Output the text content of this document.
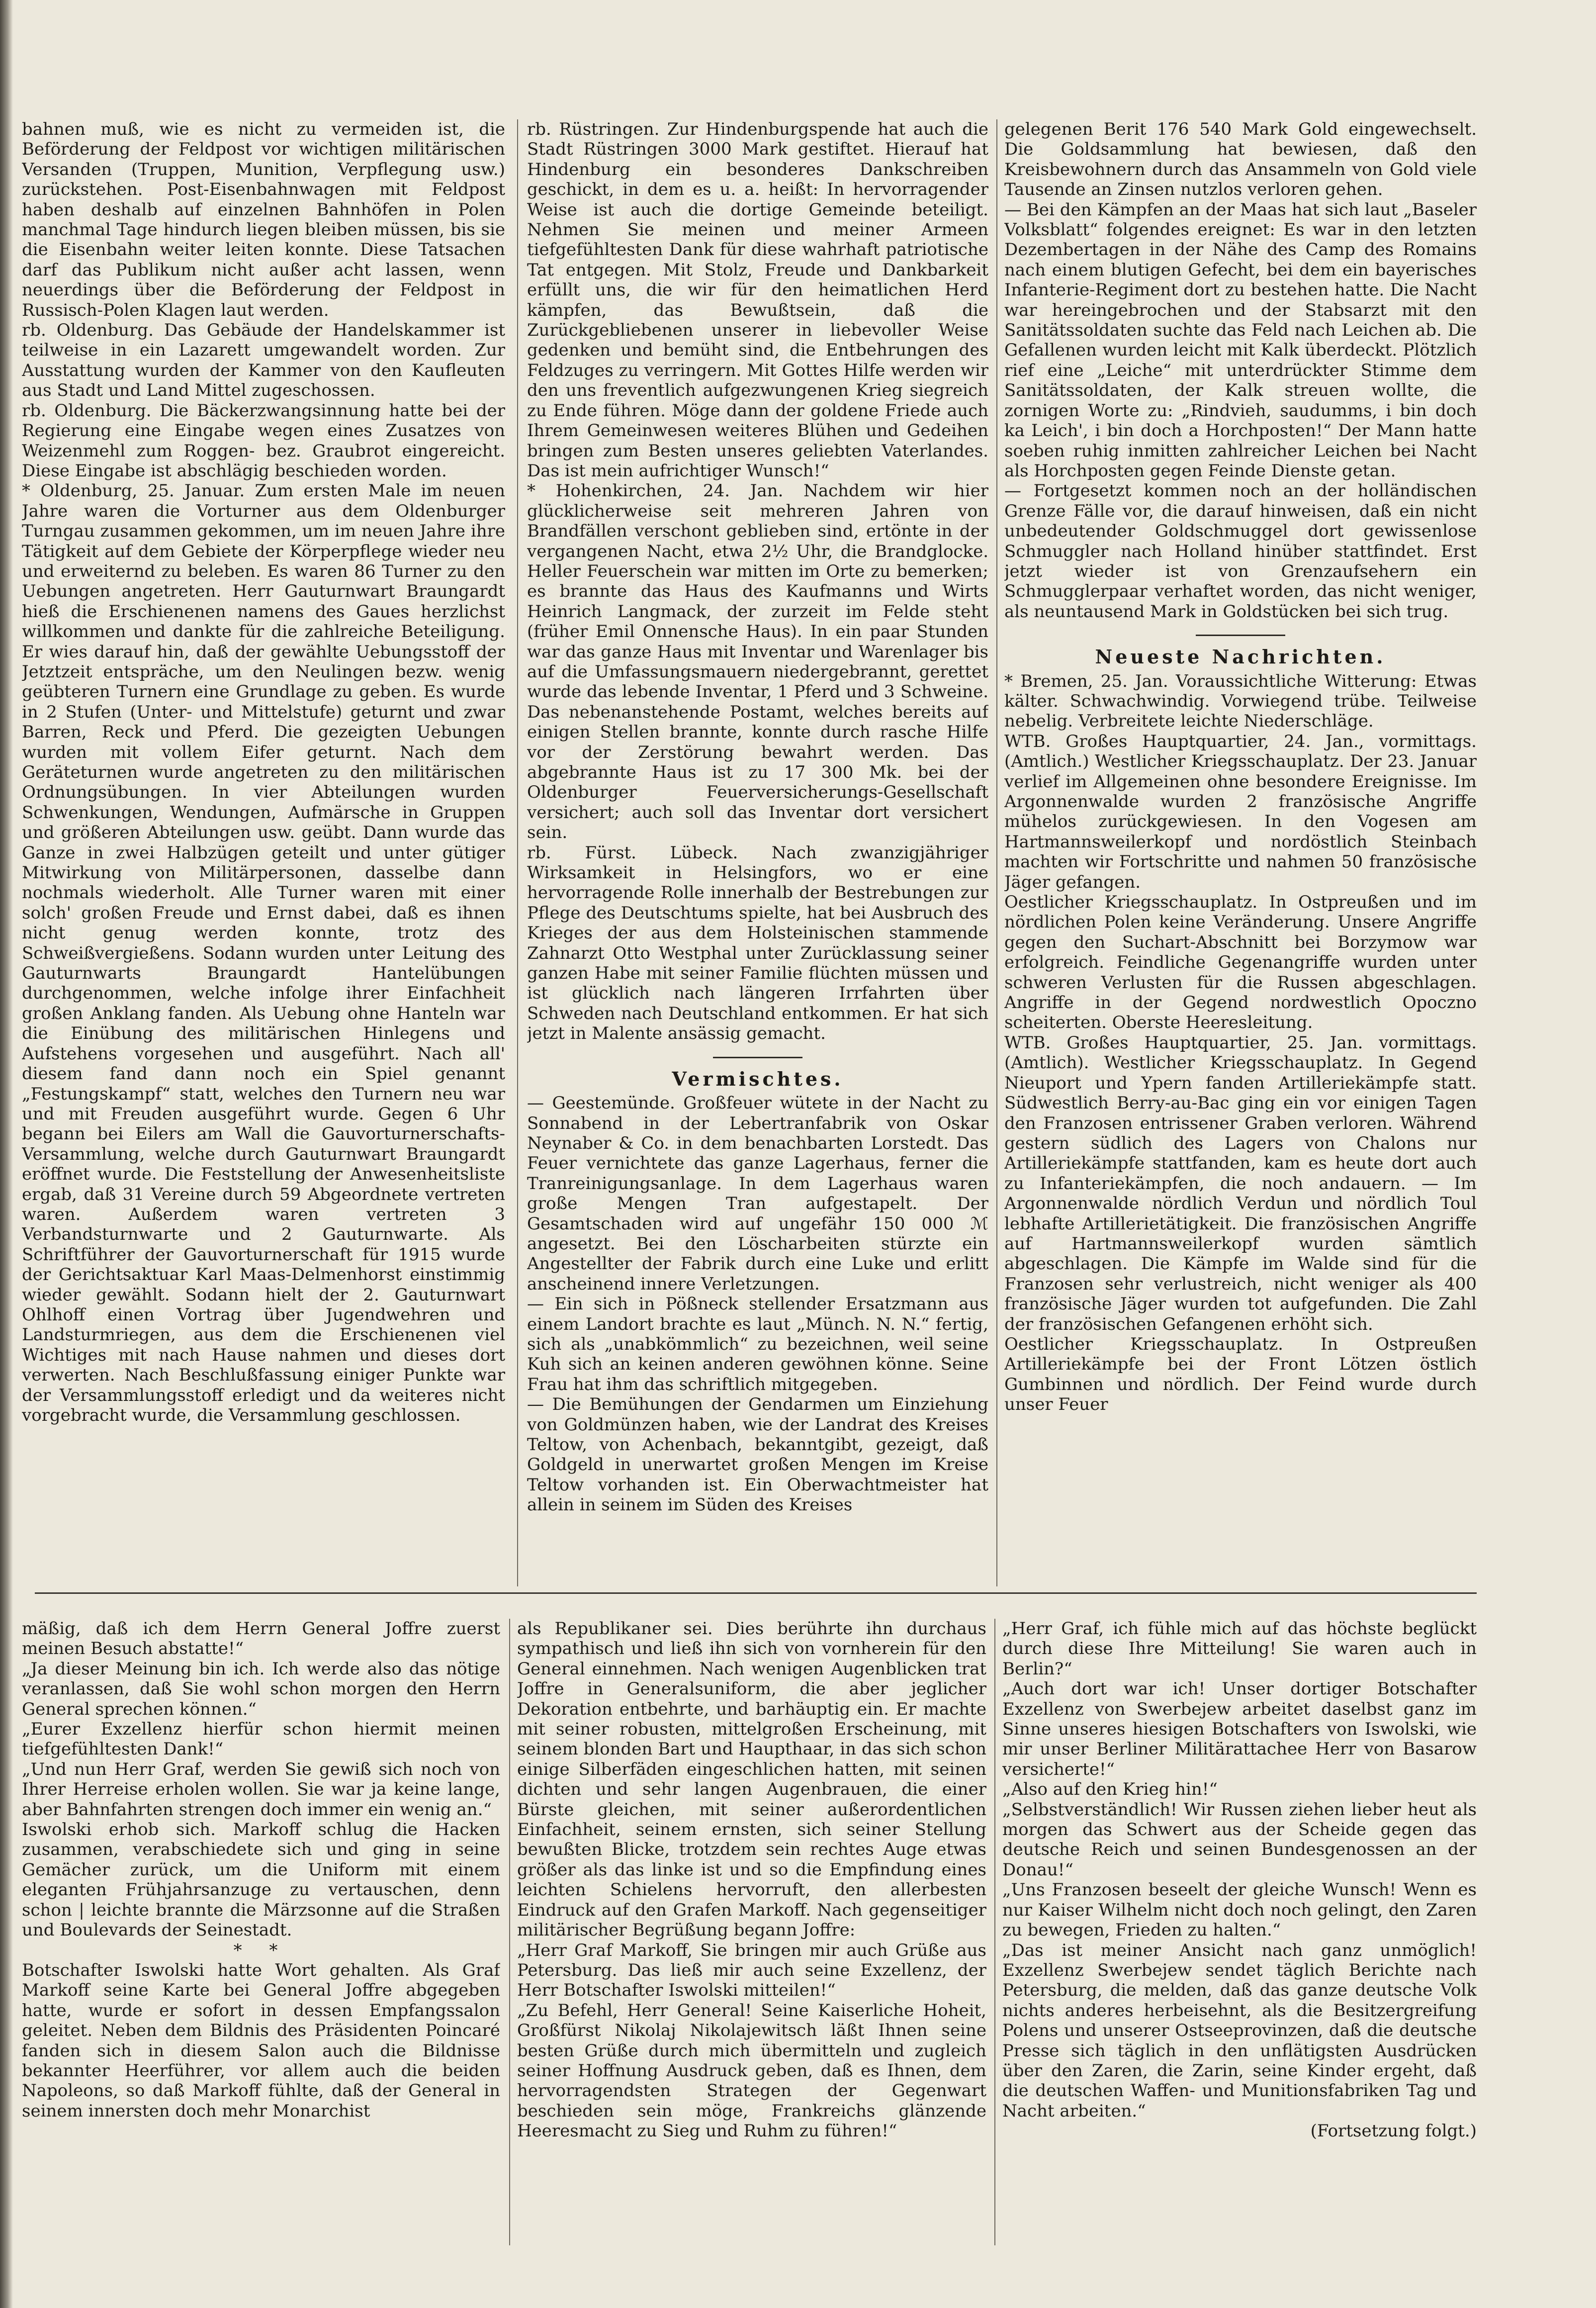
bahnen muß, wie es nicht zu vermeiden ist, die Beförderung der Feldpost vor wichtigen militärischen Versanden (Truppen, Munition, Verpflegung usw.) zurückstehen. Post-Eisenbahnwagen mit Feldpost haben deshalb auf einzelnen Bahnhöfen in Polen manchmal Tage hindurch liegen bleiben müssen, bis sie die Eisenbahn weiter leiten konnte. Diese Tatsachen darf das Publikum nicht außer acht lassen, wenn neuerdings über die Beförderung der Feldpost in Russisch-Polen Klagen laut werden.

rb. Oldenburg. Das Gebäude der Handelskammer ist teilweise in ein Lazarett umgewandelt worden. Zur Ausstattung wurden der Kammer von den Kaufleuten aus Stadt und Land Mittel zugeschossen.

rb. Oldenburg. Die Bäckerzwangsinnung hatte bei der Regierung eine Eingabe wegen eines Zusatzes von Weizenmehl zum Roggen- bez. Graubrot eingereicht. Diese Eingabe ist abschlägig beschieden worden.

* Oldenburg, 25. Januar. Zum ersten Male im neuen Jahre waren die Vorturner aus dem Oldenburger Turngau zusammen gekommen, um im neuen Jahre ihre Tätigkeit auf dem Gebiete der Körperpflege wieder neu und erweiternd zu beleben. Es waren 86 Turner zu den Uebungen angetreten. Herr Gauturnwart Braungardt hieß die Erschienenen namens des Gaues herzlichst willkommen und dankte für die zahlreiche Beteiligung. Er wies darauf hin, daß der gewählte Uebungsstoff der Jetztzeit entspräche, um den Neulingen bezw. wenig geübteren Turnern eine Grundlage zu geben. Es wurde in 2 Stufen (Unter- und Mittelstufe) geturnt und zwar Barren, Reck und Pferd. Die gezeigten Uebungen wurden mit vollem Eifer geturnt. Nach dem Geräteturnen wurde angetreten zu den militärischen Ordnungsübungen. In vier Abteilungen wurden Schwenkungen, Wendungen, Aufmärsche in Gruppen und größeren Abteilungen usw. geübt. Dann wurde das Ganze in zwei Halbzügen geteilt und unter gütiger Mitwirkung von Militärpersonen, dasselbe dann nochmals wiederholt. Alle Turner waren mit einer solch' großen Freude und Ernst dabei, daß es ihnen nicht genug werden konnte, trotz des Schweißvergießens. Sodann wurden unter Leitung des Gauturnwarts Braungardt Hantelübungen durchgenommen, welche infolge ihrer Einfachheit großen Anklang fanden. Als Uebung ohne Hanteln war die Einübung des militärischen Hinlegens und Aufstehens vorgesehen und ausgeführt. Nach all' diesem fand dann noch ein Spiel genannt „Festungskampf“ statt, welches den Turnern neu war und mit Freuden ausgeführt wurde. Gegen 6 Uhr begann bei Eilers am Wall die Gauvorturnerschafts-Versammlung, welche durch Gauturnwart Braungardt eröffnet wurde. Die Feststellung der Anwesenheitsliste ergab, daß 31 Vereine durch 59 Abgeordnete vertreten waren. Außerdem waren vertreten 3 Verbandsturnwarte und 2 Gauturnwarte. Als Schriftführer der Gauvorturnerschaft für 1915 wurde der Gerichtsaktuar Karl Maas-Delmenhorst einstimmig wieder gewählt. Sodann hielt der 2. Gauturnwart Ohlhoff einen Vortrag über Jugendwehren und Landsturmriegen, aus dem die Erschienenen viel Wichtiges mit nach Hause nahmen und dieses dort verwerten. Nach Beschlußfassung einiger Punkte war der Versammlungsstoff erledigt und da weiteres nicht vorgebracht wurde, die Versammlung geschlossen.

rb. Rüstringen. Zur Hindenburgspende hat auch die Stadt Rüstringen 3000 Mark gestiftet. Hierauf hat Hindenburg ein besonderes Dankschreiben geschickt, in dem es u. a. heißt: In hervorragender Weise ist auch die dortige Gemeinde beteiligt. Nehmen Sie meinen und meiner Armeen tiefgefühltesten Dank für diese wahrhaft patriotische Tat entgegen. Mit Stolz, Freude und Dankbarkeit erfüllt uns, die wir für den heimatlichen Herd kämpfen, das Bewußtsein, daß die Zurückgebliebenen unserer in liebevoller Weise gedenken und bemüht sind, die Entbehrungen des Feldzuges zu verringern. Mit Gottes Hilfe werden wir den uns freventlich aufgezwungenen Krieg siegreich zu Ende führen. Möge dann der goldene Friede auch Ihrem Gemeinwesen weiteres Blühen und Gedeihen bringen zum Besten unseres geliebten Vaterlandes. Das ist mein aufrichtiger Wunsch!“

* Hohenkirchen, 24. Jan. Nachdem wir hier glücklicherweise seit mehreren Jahren von Brandfällen verschont geblieben sind, ertönte in der vergangenen Nacht, etwa 2½ Uhr, die Brandglocke. Heller Feuerschein war mitten im Orte zu bemerken; es brannte das Haus des Kaufmanns und Wirts Heinrich Langmack, der zurzeit im Felde steht (früher Emil Onnensche Haus). In ein paar Stunden war das ganze Haus mit Inventar und Warenlager bis auf die Umfassungsmauern niedergebrannt, gerettet wurde das lebende Inventar, 1 Pferd und 3 Schweine. Das nebenanstehende Postamt, welches bereits auf einigen Stellen brannte, konnte durch rasche Hilfe vor der Zerstörung bewahrt werden. Das abgebrannte Haus ist zu 17 300 Mk. bei der Oldenburger Feuerversicherungs-Gesellschaft versichert; auch soll das Inventar dort versichert sein.

rb. Fürst. Lübeck. Nach zwanzigjähriger Wirksamkeit in Helsingfors, wo er eine hervorragende Rolle innerhalb der Bestrebungen zur Pflege des Deutschtums spielte, hat bei Ausbruch des Krieges der aus dem Holsteinischen stammende Zahnarzt Otto Westphal unter Zurücklassung seiner ganzen Habe mit seiner Familie flüchten müssen und ist glücklich nach längeren Irrfahrten über Schweden nach Deutschland entkommen. Er hat sich jetzt in Malente ansässig gemacht.

Vermischtes.

— Geestemünde. Großfeuer wütete in der Nacht zu Sonnabend in der Lebertranfabrik von Oskar Neynaber & Co. in dem benachbarten Lorstedt. Das Feuer vernichtete das ganze Lagerhaus, ferner die Tranreinigungsanlage. In dem Lagerhaus waren große Mengen Tran aufgestapelt. Der Gesamtschaden wird auf ungefähr 150 000 ℳ angesetzt. Bei den Löscharbeiten stürzte ein Angestellter der Fabrik durch eine Luke und erlitt anscheinend innere Verletzungen.

— Ein sich in Pößneck stellender Ersatzmann aus einem Landort brachte es laut „Münch. N. N.“ fertig, sich als „unabkömmlich“ zu bezeichnen, weil seine Kuh sich an keinen anderen gewöhnen könne. Seine Frau hat ihm das schriftlich mitgegeben.

— Die Bemühungen der Gendarmen um Einziehung von Goldmünzen haben, wie der Landrat des Kreises Teltow, von Achenbach, bekanntgibt, gezeigt, daß Goldgeld in unerwartet großen Mengen im Kreise Teltow vorhanden ist. Ein Oberwachtmeister hat allein in seinem im Süden des Kreises

gelegenen Berit 176 540 Mark Gold eingewechselt. Die Goldsammlung hat bewiesen, daß den Kreisbewohnern durch das Ansammeln von Gold viele Tausende an Zinsen nutzlos verloren gehen.

— Bei den Kämpfen an der Maas hat sich laut „Baseler Volksblatt“ folgendes ereignet: Es war in den letzten Dezembertagen in der Nähe des Camp des Romains nach einem blutigen Gefecht, bei dem ein bayerisches Infanterie-Regiment dort zu bestehen hatte. Die Nacht war hereingebrochen und der Stabsarzt mit den Sanitätssoldaten suchte das Feld nach Leichen ab. Die Gefallenen wurden leicht mit Kalk überdeckt. Plötzlich rief eine „Leiche“ mit unterdrückter Stimme dem Sanitätssoldaten, der Kalk streuen wollte, die zornigen Worte zu: „Rindvieh, saudumms, i bin doch ka Leich', i bin doch a Horchposten!“ Der Mann hatte soeben ruhig inmitten zahlreicher Leichen bei Nacht als Horchposten gegen Feinde Dienste getan.

— Fortgesetzt kommen noch an der holländischen Grenze Fälle vor, die darauf hinweisen, daß ein nicht unbedeutender Goldschmuggel dort gewissenlose Schmuggler nach Holland hinüber stattfindet. Erst jetzt wieder ist von Grenzaufsehern ein Schmugglerpaar verhaftet worden, das nicht weniger, als neuntausend Mark in Goldstücken bei sich trug.

Neueste Nachrichten.

* Bremen, 25. Jan. Voraussichtliche Witterung: Etwas kälter. Schwachwindig. Vorwiegend trübe. Teilweise nebelig. Verbreitete leichte Niederschläge.

WTB. Großes Hauptquartier, 24. Jan., vormittags. (Amtlich.) Westlicher Kriegsschauplatz. Der 23. Januar verlief im Allgemeinen ohne besondere Ereignisse. Im Argonnenwalde wurden 2 französische Angriffe mühelos zurückgewiesen. In den Vogesen am Hartmannsweilerkopf und nordöstlich Steinbach machten wir Fortschritte und nahmen 50 französische Jäger gefangen.

Oestlicher Kriegsschauplatz. In Ostpreußen und im nördlichen Polen keine Veränderung. Unsere Angriffe gegen den Suchart-Abschnitt bei Borzymow war erfolgreich. Feindliche Gegenangriffe wurden unter schweren Verlusten für die Russen abgeschlagen. Angriffe in der Gegend nordwestlich Opoczno scheiterten. Oberste Heeresleitung.

WTB. Großes Hauptquartier, 25. Jan. vormittags. (Amtlich). Westlicher Kriegsschauplatz. In Gegend Nieuport und Ypern fanden Artilleriekämpfe statt. Südwestlich Berry-au-Bac ging ein vor einigen Tagen den Franzosen entrissener Graben verloren. Während gestern südlich des Lagers von Chalons nur Artilleriekämpfe stattfanden, kam es heute dort auch zu Infanteriekämpfen, die noch andauern. — Im Argonnenwalde nördlich Verdun und nördlich Toul lebhafte Artillerietätigkeit. Die französischen Angriffe auf Hartmannsweilerkopf wurden sämtlich abgeschlagen. Die Kämpfe im Walde sind für die Franzosen sehr verlustreich, nicht weniger als 400 französische Jäger wurden tot aufgefunden. Die Zahl der französischen Gefangenen erhöht sich.

Oestlicher Kriegsschauplatz. In Ostpreußen Artilleriekämpfe bei der Front Lötzen östlich Gumbinnen und nördlich. Der Feind wurde durch unser Feuer

mäßig, daß ich dem Herrn General Joffre zuerst meinen Besuch abstatte!“

„Ja dieser Meinung bin ich. Ich werde also das nötige veranlassen, daß Sie wohl schon morgen den Herrn General sprechen können.“

„Eurer Exzellenz hierfür schon hiermit meinen tiefgefühltesten Dank!“

„Und nun Herr Graf, werden Sie gewiß sich noch von Ihrer Herreise erholen wollen. Sie war ja keine lange, aber Bahnfahrten strengen doch immer ein wenig an.“

Iswolski erhob sich. Markoff schlug die Hacken zusammen, verabschiedete sich und ging in seine Gemächer zurück, um die Uniform mit einem eleganten Frühjahrsanzuge zu vertauschen, denn schon | leichte brannte die Märzsonne auf die Straßen und Boulevards der Seinestadt.

* *

Botschafter Iswolski hatte Wort gehalten. Als Graf Markoff seine Karte bei General Joffre abgegeben hatte, wurde er sofort in dessen Empfangssalon geleitet. Neben dem Bildnis des Präsidenten Poincaré fanden sich in diesem Salon auch die Bildnisse bekannter Heerführer, vor allem auch die beiden Napoleons, so daß Markoff fühlte, daß der General in seinem innersten doch mehr Monarchist

als Republikaner sei. Dies berührte ihn durchaus sympathisch und ließ ihn sich von vornherein für den General einnehmen. Nach wenigen Augenblicken trat Joffre in Generalsuniform, die aber jeglicher Dekoration entbehrte, und barhäuptig ein. Er machte mit seiner robusten, mittelgroßen Erscheinung, mit seinem blonden Bart und Haupthaar, in das sich schon einige Silberfäden eingeschlichen hatten, mit seinen dichten und sehr langen Augenbrauen, die einer Bürste gleichen, mit seiner außerordentlichen Einfachheit, seinem ernsten, sich seiner Stellung bewußten Blicke, trotzdem sein rechtes Auge etwas größer als das linke ist und so die Empfindung eines leichten Schielens hervorruft, den allerbesten Eindruck auf den Grafen Markoff. Nach gegenseitiger militärischer Begrüßung begann Joffre:

„Herr Graf Markoff, Sie bringen mir auch Grüße aus Petersburg. Das ließ mir auch seine Exzellenz, der Herr Botschafter Iswolski mitteilen!“

„Zu Befehl, Herr General! Seine Kaiserliche Hoheit, Großfürst Nikolaj Nikolajewitsch läßt Ihnen seine besten Grüße durch mich übermitteln und zugleich seiner Hoffnung Ausdruck geben, daß es Ihnen, dem hervorragendsten Strategen der Gegenwart beschieden sein möge, Frankreichs glänzende Heeresmacht zu Sieg und Ruhm zu führen!“

„Herr Graf, ich fühle mich auf das höchste beglückt durch diese Ihre Mitteilung! Sie waren auch in Berlin?“

„Auch dort war ich! Unser dortiger Botschafter Exzellenz von Swerbejew arbeitet daselbst ganz im Sinne unseres hiesigen Botschafters von Iswolski, wie mir unser Berliner Militärattachee Herr von Basarow versicherte!“

„Also auf den Krieg hin!“

„Selbstverständlich! Wir Russen ziehen lieber heut als morgen das Schwert aus der Scheide gegen das deutsche Reich und seinen Bundesgenossen an der Donau!“

„Uns Franzosen beseelt der gleiche Wunsch! Wenn es nur Kaiser Wilhelm nicht doch noch gelingt, den Zaren zu bewegen, Frieden zu halten.“

„Das ist meiner Ansicht nach ganz unmöglich! Exzellenz Swerbejew sendet täglich Berichte nach Petersburg, die melden, daß das ganze deutsche Volk nichts anderes herbeisehnt, als die Besitzergreifung Polens und unserer Ostseeprovinzen, daß die deutsche Presse sich täglich in den unflätigsten Ausdrücken über den Zaren, die Zarin, seine Kinder ergeht, daß die deutschen Waffen- und Munitionsfabriken Tag und Nacht arbeiten.“

(Fortsetzung folgt.)
